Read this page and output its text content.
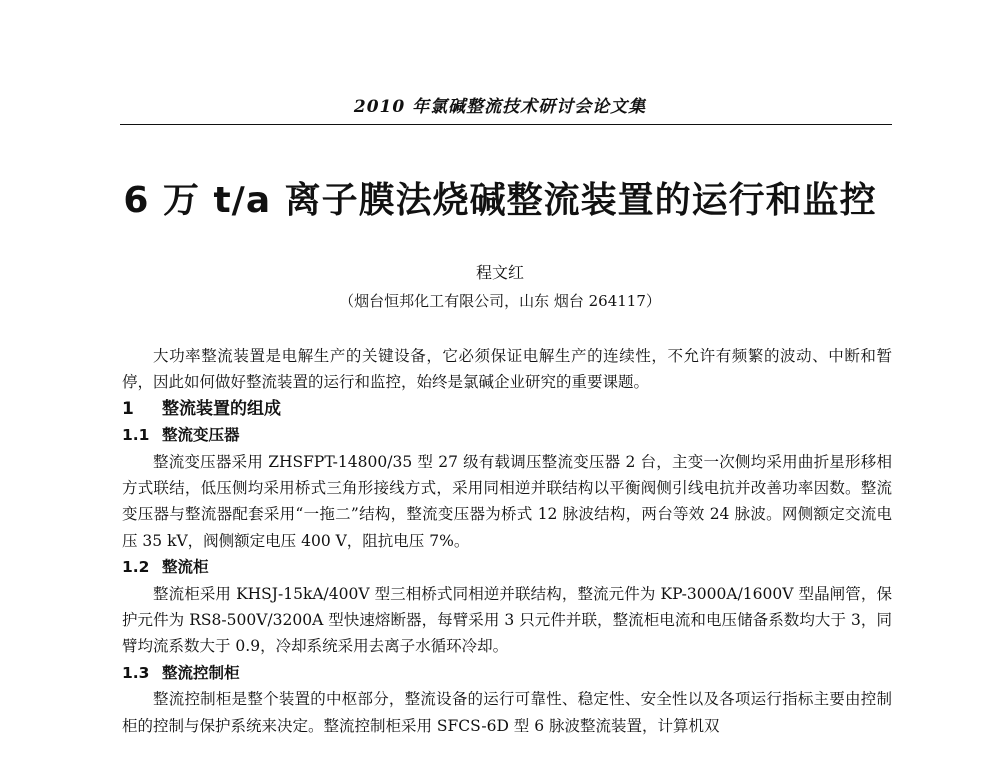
2010 年氯碱整流技术研讨会论文集
6 万 t/a 离子膜法烧碱整流装置的运行和监控
程文红
（烟台恒邦化工有限公司，山东 烟台 264117）

大功率整流装置是电解生产的关键设备，它必须保证电解生产的连续性，不允许有频繁的波动、中断和暂停，因此如何做好整流装置的运行和监控，始终是氯碱企业研究的重要课题。

1 整流装置的组成

1.1 整流变压器

整流变压器采用 ZHSFPT-14800/35 型 27 级有载调压整流变压器 2 台，主变一次侧均采用曲折星形移相方式联结，低压侧均采用桥式三角形接线方式，采用同相逆并联结构以平衡阀侧引线电抗并改善功率因数。整流变压器与整流器配套采用“一拖二”结构，整流变压器为桥式 12 脉波结构，两台等效 24 脉波。网侧额定交流电压 35 kV，阀侧额定电压 400 V，阻抗电压 7%。

1.2 整流柜

整流柜采用 KHSJ-15kA/400V 型三相桥式同相逆并联结构，整流元件为 KP-3000A/1600V 型晶闸管，保护元件为 RS8-500V/3200A 型快速熔断器，每臂采用 3 只元件并联，整流柜电流和电压储备系数均大于 3，同臂均流系数大于 0.9，冷却系统采用去离子水循环冷却。

1.3 整流控制柜

整流控制柜是整个装置的中枢部分，整流设备的运行可靠性、稳定性、安全性以及各项运行指标主要由控制柜的控制与保护系统来决定。整流控制柜采用 SFCS-6D 型 6 脉波整流装置，计算机双
